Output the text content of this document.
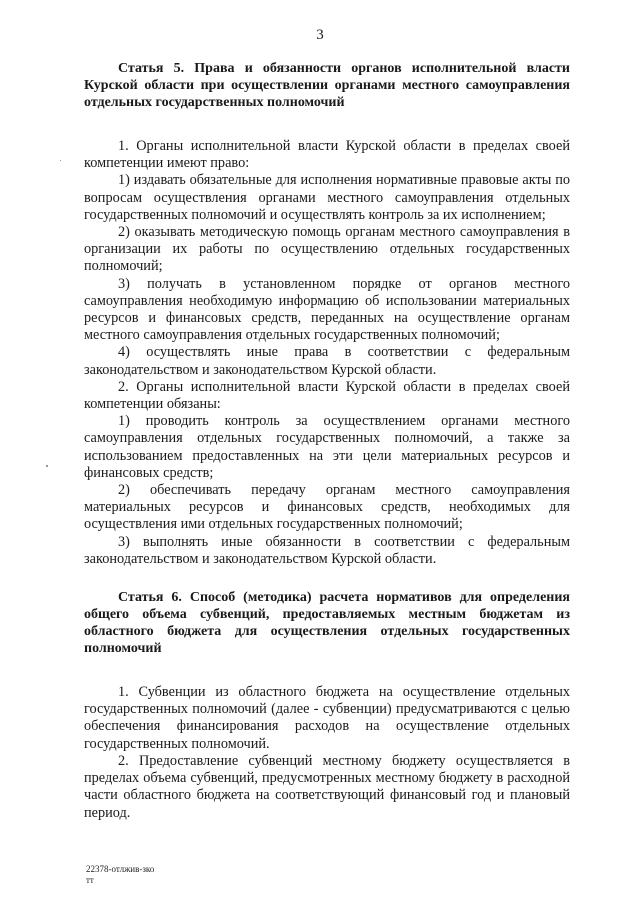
3
Статья 5. Права и обязанности органов исполнительной власти Курской области при осуществлении органами местного самоуправления отдельных государственных полномочий

1. Органы исполнительной власти Курской области в пределах своей компетенции имеют право:

1) издавать обязательные для исполнения нормативные правовые акты по вопросам осуществления органами местного самоуправления отдельных государственных полномочий и осуществлять контроль за их исполнением;

2) оказывать методическую помощь органам местного самоуправления в организации их работы по осуществлению отдельных государственных полномочий;

3) получать в установленном порядке от органов местного самоуправления необходимую информацию об использовании материальных ресурсов и финансовых средств, переданных на осуществление органам местного самоуправления отдельных государственных полномочий;

4) осуществлять иные права в соответствии с федеральным законодательством и законодательством Курской области.

2. Органы исполнительной власти Курской области в пределах своей компетенции обязаны:

1) проводить контроль за осуществлением органами местного самоуправления отдельных государственных полномочий, а также за использованием предоставленных на эти цели материальных ресурсов и финансовых средств;

2) обеспечивать передачу органам местного самоуправления материальных ресурсов и финансовых средств, необходимых для осуществления ими отдельных государственных полномочий;

3) выполнять иные обязанности в соответствии с федеральным законодательством и законодательством Курской области.

Статья 6. Способ (методика) расчета нормативов для определения общего объема субвенций, предоставляемых местным бюджетам из областного бюджета для осуществления отдельных государственных полномочий

1. Субвенции из областного бюджета на осуществление отдельных государственных полномочий (далее - субвенции) предусматриваются с целью обеспечения финансирования расходов на осуществление отдельных государственных полномочий.

2. Предоставление субвенций местному бюджету осуществляется в пределах объема субвенций, предусмотренных местному бюджету в расходной части областного бюджета на соответствующий финансовый год и плановый период.

22378-отлжив-зко
тт
